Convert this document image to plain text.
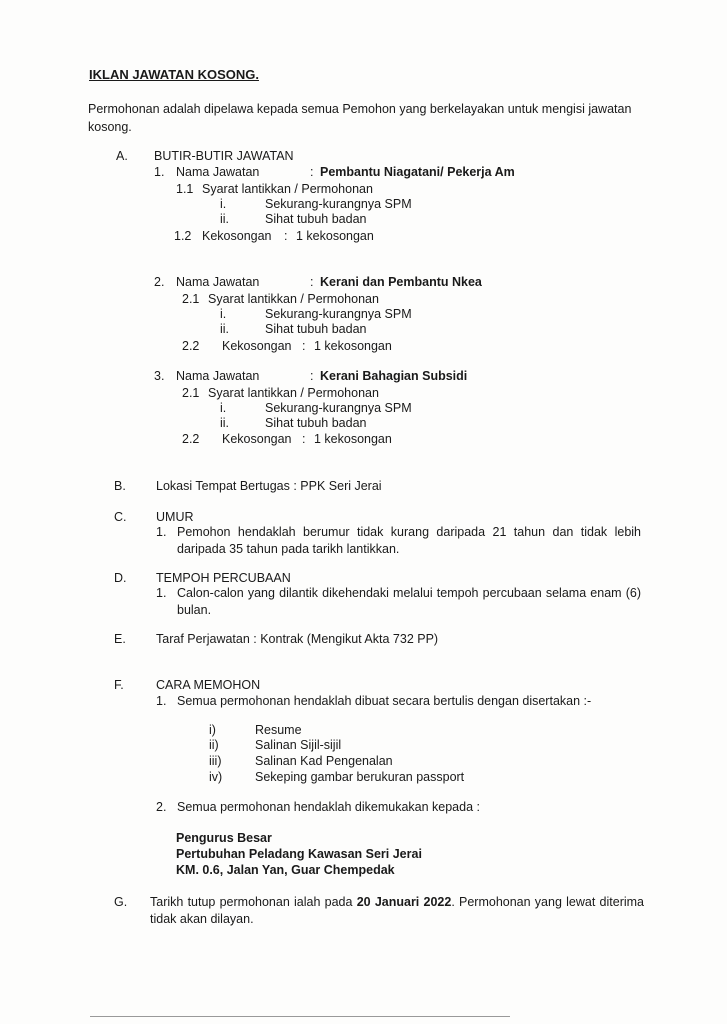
IKLAN JAWATAN KOSONG.
Permohonan adalah dipelawa kepada semua Pemohon yang berkelayakan untuk mengisi jawatan kosong.
A. BUTIR-BUTIR JAWATAN
1. Nama Jawatan	: Pembantu Niagatani/ Pekerja Am
1.1 Syarat lantikkan / Permohonan
i.	Sekurang-kurangnya SPM
ii.	Sihat tubuh badan
1.2 Kekosongan : 1 kekosongan
2. Nama Jawatan	: Kerani dan Pembantu Nkea
2.1 Syarat lantikkan / Permohonan
i.	Sekurang-kurangnya SPM
ii.	Sihat tubuh badan
2.2 Kekosongan : 1 kekosongan
3. Nama Jawatan	: Kerani Bahagian Subsidi
2.1 Syarat lantikkan / Permohonan
i.	Sekurang-kurangnya SPM
ii.	Sihat tubuh badan
2.2 Kekosongan : 1 kekosongan
B. Lokasi Tempat Bertugas : PPK Seri Jerai
C. UMUR
1. Pemohon hendaklah berumur tidak kurang daripada 21 tahun dan tidak lebih daripada 35 tahun pada tarikh lantikkan.
D. TEMPOH PERCUBAAN
1. Calon-calon yang dilantik dikehendaki melalui tempoh percubaan selama enam (6) bulan.
E. Taraf Perjawatan : Kontrak (Mengikut Akta 732 PP)
F.	CARA MEMOHON
1. Semua permohonan hendaklah dibuat secara bertulis dengan disertakan :-
i)	Resume
ii)	Salinan Sijil-sijil
iii)	Salinan Kad Pengenalan
iv)	Sekeping gambar berukuran passport
2. Semua permohonan hendaklah dikemukakan kepada :
Pengurus Besar
Pertubuhan Peladang Kawasan Seri Jerai
KM. 0.6, Jalan Yan, Guar Chempedak
G. Tarikh tutup permohonan ialah pada 20 Januari 2022. Permohonan yang lewat diterima tidak akan dilayan.
